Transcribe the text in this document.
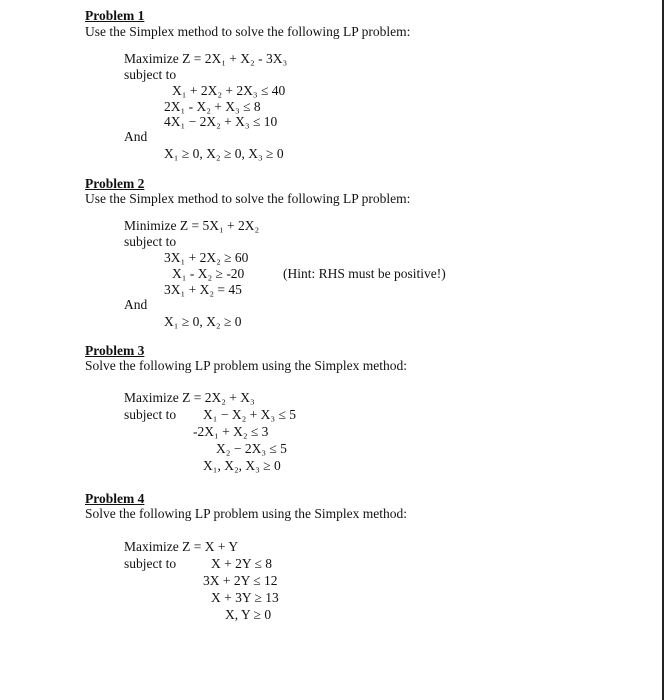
Problem 1
Use the Simplex method to solve the following LP problem:
Maximize Z = 2X₁ + X₂ - 3X₃
subject to
X₁ + 2X₂ + 2X₃ ≤ 40
2X₁ - X₂ + X₃ ≤ 8
4X₁ − 2X₂ + X₃ ≤ 10
And
X₁ ≥ 0, X₂ ≥ 0, X₃ ≥ 0
Problem 2
Use the Simplex method to solve the following LP problem:
Minimize Z = 5X₁ + 2X₂
subject to
3X₁ + 2X₂ ≥ 60
X₁ - X₂ ≥ -20	(Hint: RHS must be positive!)
3X₁ + X₂ = 45
And
X₁ ≥ 0, X₂ ≥ 0
Problem 3
Solve the following LP problem using the Simplex method:
Maximize Z = 2X₂ + X₃
subject to X₁ − X₂ + X₃ ≤ 5
-2X₁ + X₂ ≤ 3
X₂ − 2X₃ ≤ 5
X₁, X₂, X₃ ≥ 0
Problem 4
Solve the following LP problem using the Simplex method:
Maximize Z = X + Y
subject to	X + 2Y ≤ 8
3X + 2Y ≤ 12
X + 3Y ≥ 13
X, Y ≥ 0
